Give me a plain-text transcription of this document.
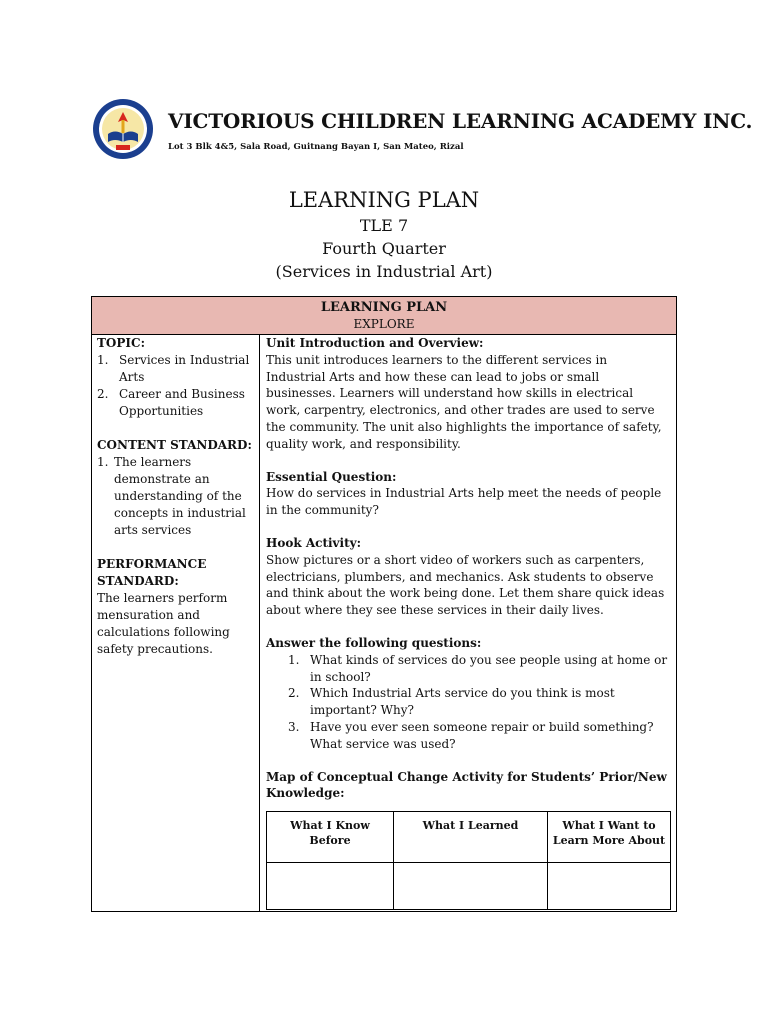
VICTORIOUS CHILDREN LEARNING ACADEMY INC.
Lot 3 Blk 4&5, Sala Road, Guitnang Bayan I, San Mateo, Rizal
LEARNING PLAN
TLE 7
Fourth Quarter
(Services in Industrial Art)
LEARNING PLAN
EXPLORE
TOPIC:
1. Services in Industrial Arts
2. Career and Business Opportunities
CONTENT STANDARD:
1. The learners demonstrate an understanding of the concepts in industrial arts services
PERFORMANCE STANDARD:
The learners perform mensuration and calculations following safety precautions.
Unit Introduction and Overview:
This unit introduces learners to the different services in Industrial Arts and how these can lead to jobs or small businesses. Learners will understand how skills in electrical work, carpentry, electronics, and other trades are used to serve the community. The unit also highlights the importance of safety, quality work, and responsibility.
Essential Question:
How do services in Industrial Arts help meet the needs of people in the community?
Hook Activity:
Show pictures or a short video of workers such as carpenters, electricians, plumbers, and mechanics. Ask students to observe and think about the work being done. Let them share quick ideas about where they see these services in their daily lives.
Answer the following questions:
1. What kinds of services do you see people using at home or in school?
2. Which Industrial Arts service do you think is most important? Why?
3. Have you ever seen someone repair or build something? What service was used?
Map of Conceptual Change Activity for Students’ Prior/New Knowledge:
What I Know Before	What I Learned	What I Want to Learn More About
